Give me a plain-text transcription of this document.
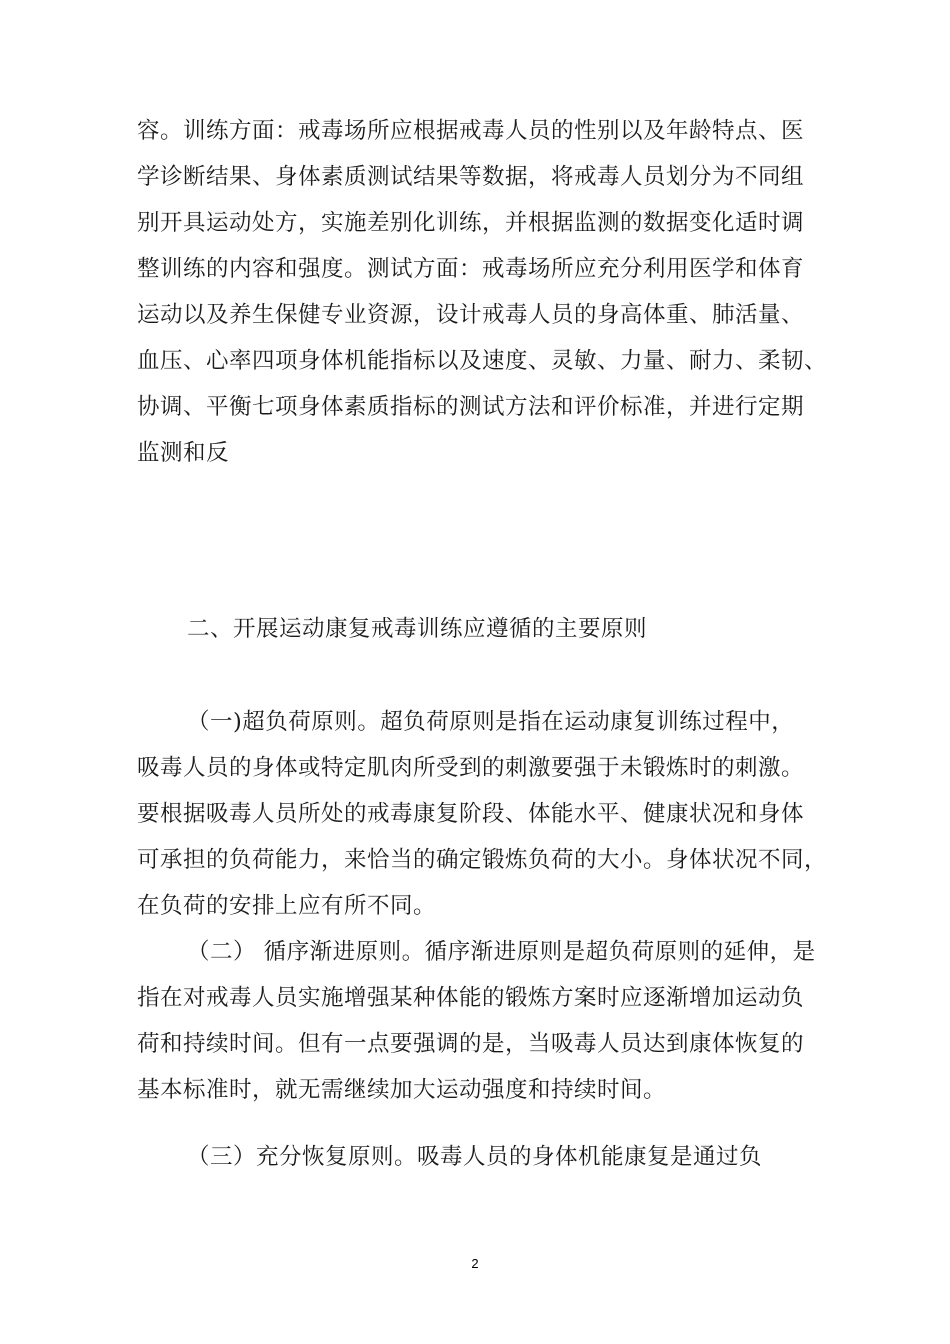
容。训练方面：戒毒场所应根据戒毒人员的性别以及年龄特点、医
学诊断结果、身体素质测试结果等数据，将戒毒人员划分为不同组
别开具运动处方，实施差别化训练，并根据监测的数据变化适时调
整训练的内容和强度。测试方面：戒毒场所应充分利用医学和体育
运动以及养生保健专业资源，设计戒毒人员的身高体重、肺活量、
血压、心率四项身体机能指标以及速度、灵敏、力量、耐力、柔韧、
协调、平衡七项身体素质指标的测试方法和评价标准，并进行定期
监测和反
二、开展运动康复戒毒训练应遵循的主要原则
（一)超负荷原则。超负荷原则是指在运动康复训练过程中，
吸毒人员的身体或特定肌肉所受到的刺激要强于未锻炼时的刺激。
要根据吸毒人员所处的戒毒康复阶段、体能水平、健康状况和身体
可承担的负荷能力，来恰当的确定锻炼负荷的大小。身体状况不同，
在负荷的安排上应有所不同。
（二） 循序渐进原则。循序渐进原则是超负荷原则的延伸，是
指在对戒毒人员实施增强某种体能的锻炼方案时应逐渐增加运动负
荷和持续时间。但有一点要强调的是，当吸毒人员达到康体恢复的
基本标准时，就无需继续加大运动强度和持续时间。
（三）充分恢复原则。吸毒人员的身体机能康复是通过负
2
